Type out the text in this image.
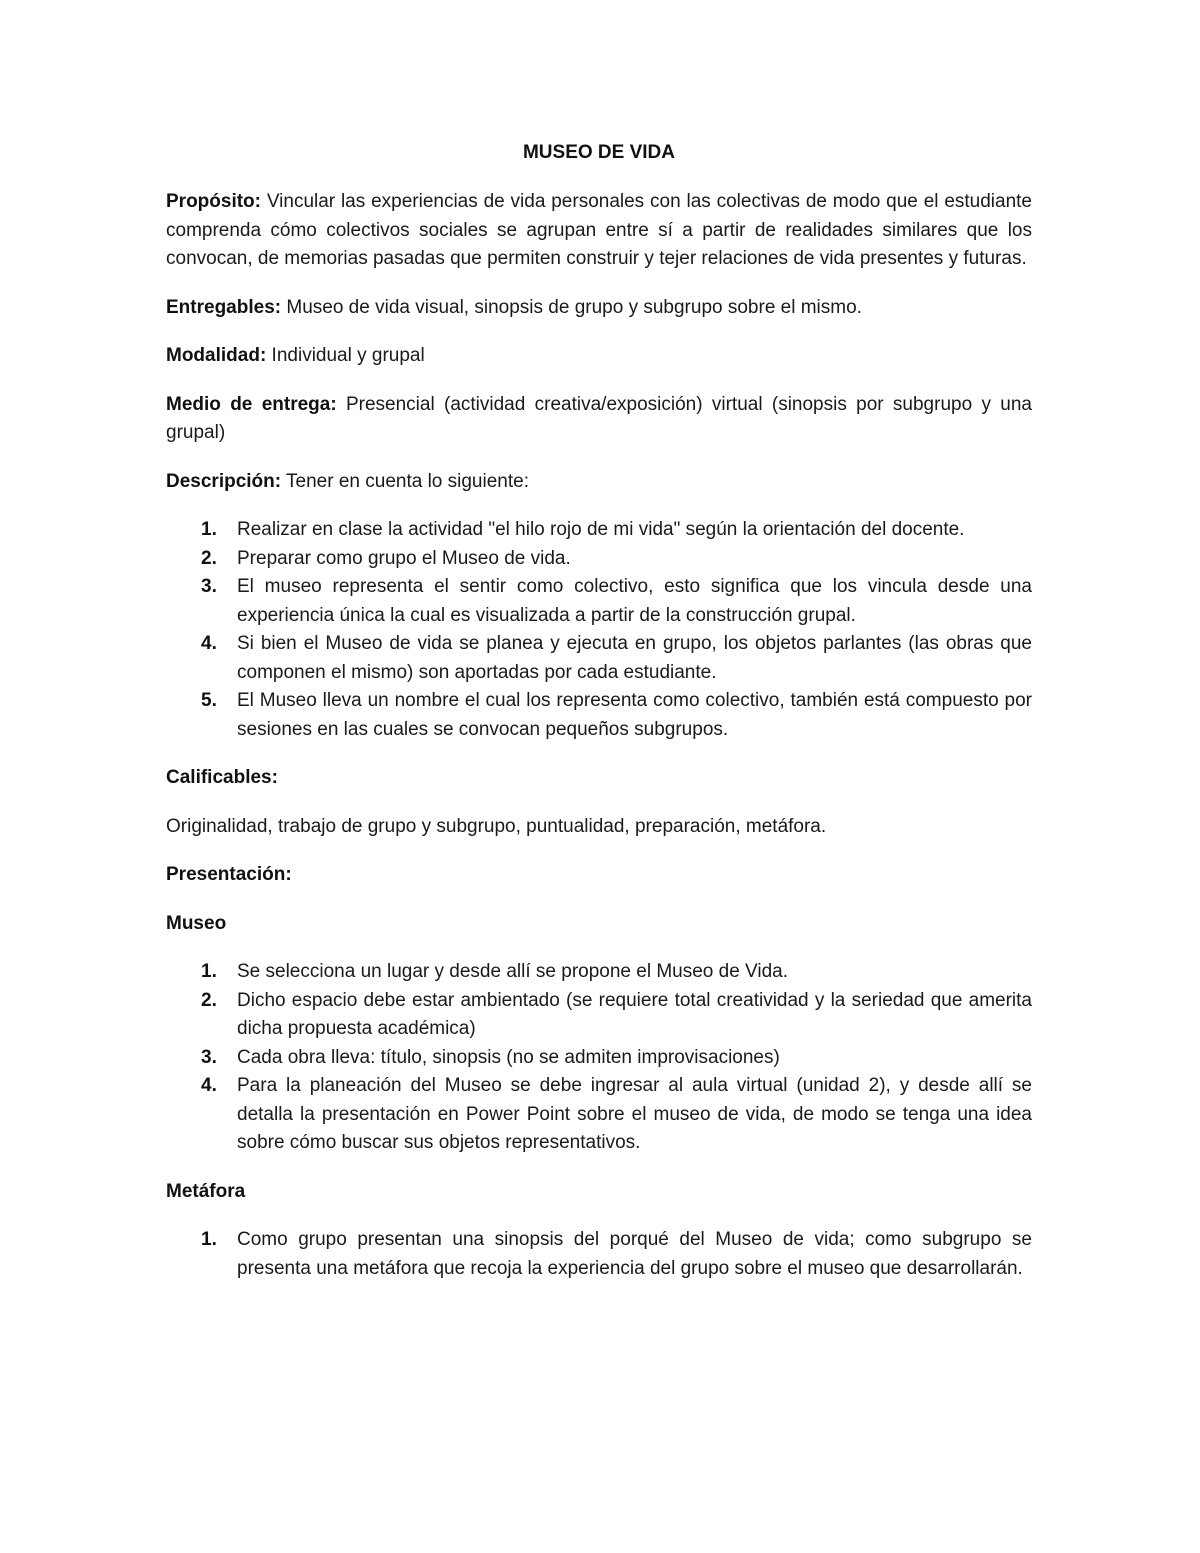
MUSEO DE VIDA

Propósito: Vincular las experiencias de vida personales con las colectivas de modo que el estudiante comprenda cómo colectivos sociales se agrupan entre sí a partir de realidades similares que los convocan, de memorias pasadas que permiten construir y tejer relaciones de vida presentes y futuras.

Entregables: Museo de vida visual, sinopsis de grupo y subgrupo sobre el mismo.

Modalidad: Individual y grupal

Medio de entrega: Presencial (actividad creativa/exposición) virtual (sinopsis por subgrupo y una grupal)

Descripción: Tener en cuenta lo siguiente:

1. Realizar en clase la actividad "el hilo rojo de mi vida" según la orientación del docente.
2. Preparar como grupo el Museo de vida.
3. El museo representa el sentir como colectivo, esto significa que los vincula desde una experiencia única la cual es visualizada a partir de la construcción grupal.
4. Si bien el Museo de vida se planea y ejecuta en grupo, los objetos parlantes (las obras que componen el mismo) son aportadas por cada estudiante.
5. El Museo lleva un nombre el cual los representa como colectivo, también está compuesto por sesiones en las cuales se convocan pequeños subgrupos.
Calificables:

Originalidad, trabajo de grupo y subgrupo, puntualidad, preparación, metáfora.

Presentación:
Museo
1. Se selecciona un lugar y desde allí se propone el Museo de Vida.
2. Dicho espacio debe estar ambientado (se requiere total creatividad y la seriedad que amerita dicha propuesta académica)
3. Cada obra lleva: título, sinopsis (no se admiten improvisaciones)
4. Para la planeación del Museo se debe ingresar al aula virtual (unidad 2), y desde allí se detalla la presentación en Power Point sobre el museo de vida, de modo se tenga una idea sobre cómo buscar sus objetos representativos.
Metáfora
1. Como grupo presentan una sinopsis del porqué del Museo de vida; como subgrupo se presenta una metáfora que recoja la experiencia del grupo sobre el museo que desarrollarán.
